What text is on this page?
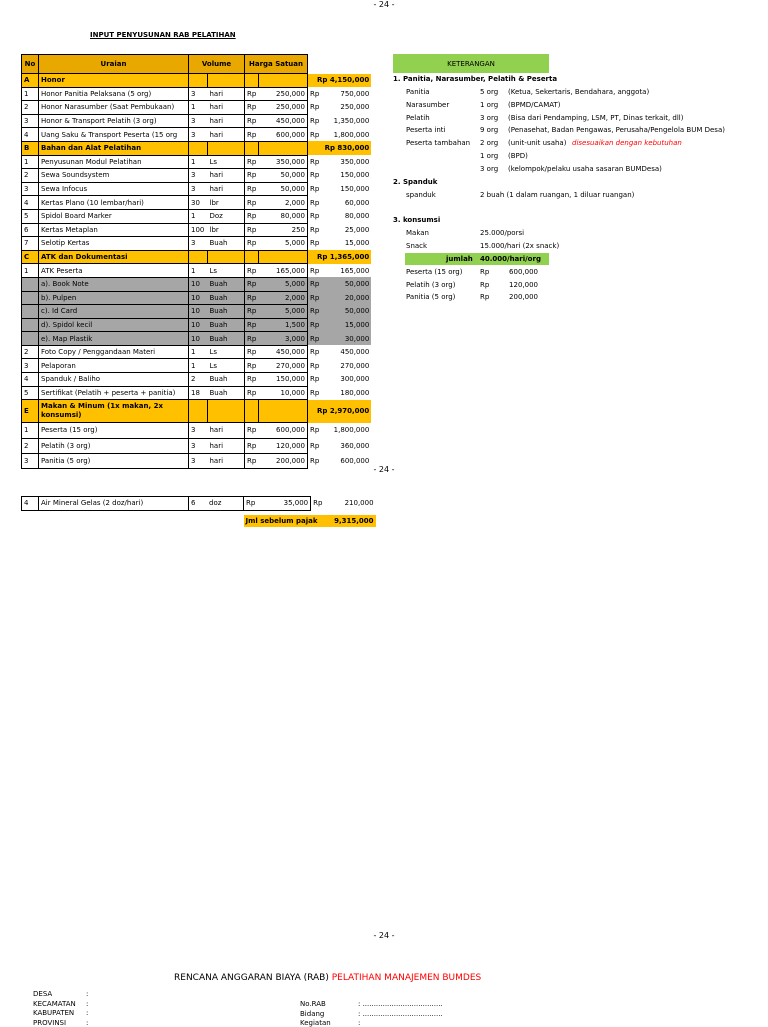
- 24 -
- 24 -
- 24 -
INPUT PENYUSUNAN RAB PELATIHAN
No	Uraian	Volume		Harga Satuan			
A	Honor					Rp 4,150,000	
1	Honor Panitia Pelaksana (5 org)	3	hari	Rp	250,000	Rp	750,000
2	Honor Narasumber (Saat Pembukaan)	1	hari	Rp	250,000	Rp	250,000
3	Honor & Transport Pelatih (3 org)	3	hari	Rp	450,000	Rp	1,350,000
4	Uang Saku & Transport Peserta (15 org	3	hari	Rp	600,000	Rp	1,800,000
B	Bahan dan Alat Pelatihan					Rp 830,000	
1	Penyusunan Modul Pelatihan	1	Ls	Rp	350,000	Rp	350,000
2	Sewa Soundsystem	3	hari	Rp	50,000	Rp	150,000
3	Sewa Infocus	3	hari	Rp	50,000	Rp	150,000
4	Kertas Plano (10 lembar/hari)	30	lbr	Rp	2,000	Rp	60,000
5	Spidol Board Marker	1	Doz	Rp	80,000	Rp	80,000
6	Kertas Metaplan	100	lbr	Rp	250	Rp	25,000
7	Selotip Kertas	3	Buah	Rp	5,000	Rp	15,000
C	ATK dan Dokumentasi					Rp 1,365,000	
1	ATK Peserta	1	Ls	Rp	165,000	Rp	165,000
	a). Book Note	10	Buah	Rp	5,000	Rp	50,000
	b). Pulpen	10	Buah	Rp	2,000	Rp	20,000
	c). Id Card	10	Buah	Rp	5,000	Rp	50,000
	d). Spidol kecil	10	Buah	Rp	1,500	Rp	15,000
	e). Map Plastik	10	Buah	Rp	3,000	Rp	30,000
2	Foto Copy / Penggandaan Materi	1	Ls	Rp	450,000	Rp	450,000
3	Pelaporan	1	Ls	Rp	270,000	Rp	270,000
4	Spanduk / Baliho	2	Buah	Rp	150,000	Rp	300,000
5	Sertifikat (Pelatih + peserta + panitia)	18	Buah	Rp	10,000	Rp	180,000
E	Makan & Minum (1x makan, 2x konsumsi)					Rp 2,970,000	
1	Peserta (15 org)	3	hari	Rp	600,000	Rp	1,800,000
2	Pelatih (3 org)	3	hari	Rp	120,000	Rp	360,000
3	Panitia (5 org)	3	hari	Rp	200,000	Rp	600,000
4	Air Mineral Gelas (2 doz/hari)	6	doz	Rp	35,000	Rp	210,000

				Jml sebelum pajak			9,315,000
KETERANGAN
1. Panitia, Narasumber, Pelatih & Peserta
Panitia	5 org (Ketua, Sekertaris, Bendahara, anggota)
Narasumber	1 org (BPMD/CAMAT)
Pelatih	3 org (Bisa dari Pendamping, LSM, PT, Dinas terkait, dll)
Peserta inti	9 org (Penasehat, Badan Pengawas, Perusaha/Pengelola BUM Desa)
Peserta tambahan 2 org (unit-unit usaha) disesuaikan dengan kebutuhan
1 org (BPD)
3 org (kelompok/pelaku usaha sasaran BUMDesa)
2. Spanduk
spanduk	2 buah (1 dalam ruangan, 1 diluar ruangan)
3. konsumsi
Makan	25.000/porsi
Snack	15.000/hari (2x snack)
jumlah 40.000/hari/org
Peserta (15 org)	Rp	600,000
Pelatih (3 org)	Rp	120,000
Panitia (5 org)	Rp	200,000
RENCANA ANGGARAN BIAYA (RAB) PELATIHAN MANAJEMEN BUMDES
DESA	:
KECAMATAN :
KABUPATEN :
PROVINSI	:
No.RAB	: ....................................
Bidang	: ....................................
Kegiatan	:
